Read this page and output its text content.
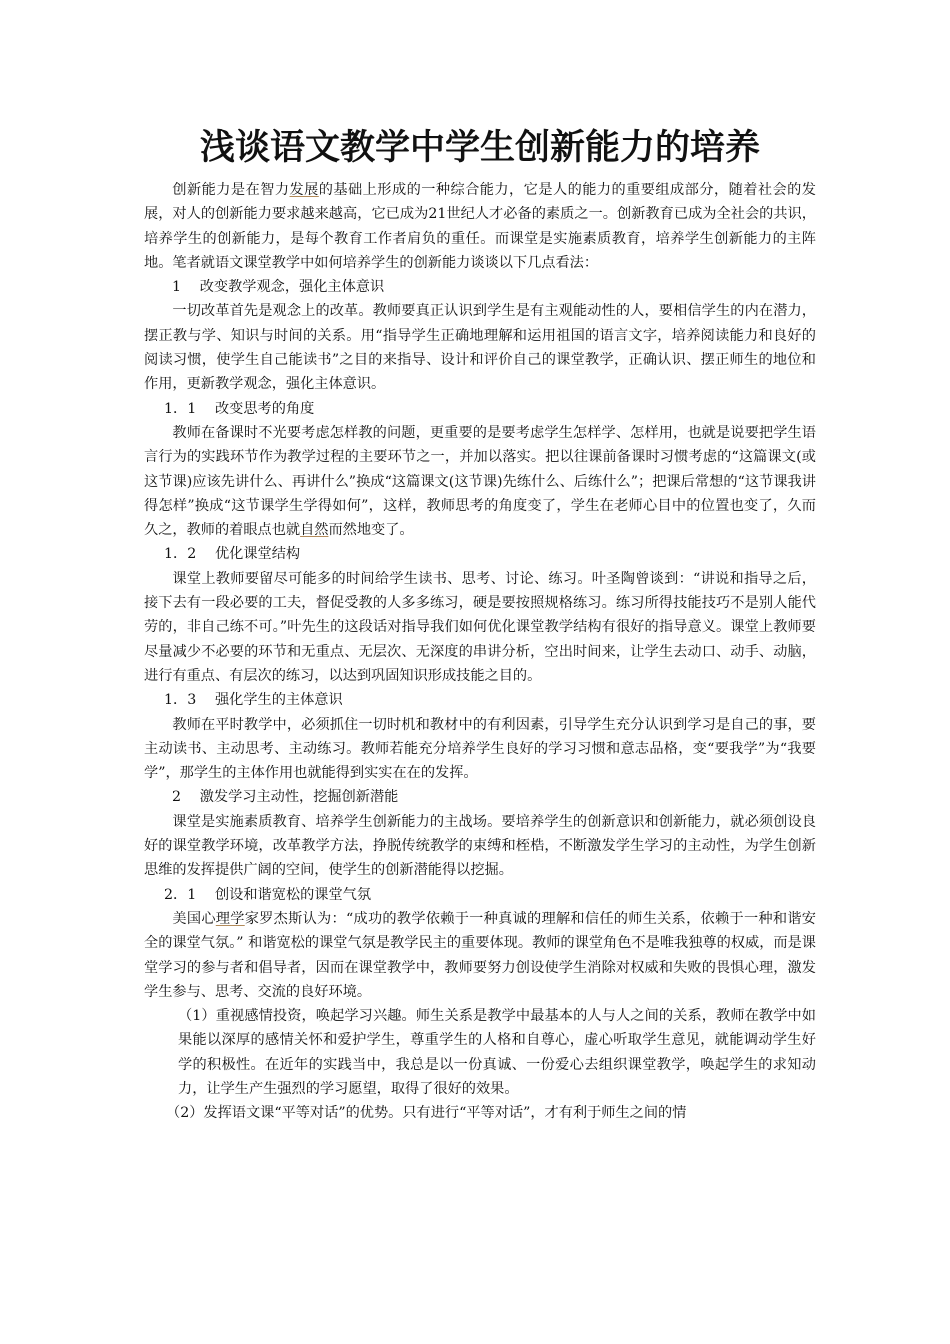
浅谈语文教学中学生创新能力的培养

创新能力是在智力发展的基础上形成的一种综合能力，它是人的能力的重要组成部分，随着社会的发展，对人的创新能力要求越来越高，它已成为21世纪人才必备的素质之一。创新教育已成为全社会的共识，培养学生的创新能力，是每个教育工作者肩负的重任。而课堂是实施素质教育，培养学生创新能力的主阵地。笔者就语文课堂教学中如何培养学生的创新能力谈谈以下几点看法：

1　 改变教学观念，强化主体意识

一切改革首先是观念上的改革。教师要真正认识到学生是有主观能动性的人，要相信学生的内在潜力，摆正教与学、知识与时间的关系。用“指导学生正确地理解和运用祖国的语言文字，培养阅读能力和良好的阅读习惯，使学生自己能读书”之目的来指导、设计和评价自己的课堂教学，正确认识、摆正师生的地位和作用，更新教学观念，强化主体意识。

1．1　 改变思考的角度

教师在备课时不光要考虑怎样教的问题，更重要的是要考虑学生怎样学、怎样用，也就是说要把学生语言行为的实践环节作为教学过程的主要环节之一，并加以落实。把以往课前备课时习惯考虑的“这篇课文(或这节课)应该先讲什么、再讲什么”换成“这篇课文(这节课)先练什么、后练什么”；把课后常想的“这节课我讲得怎样”换成“这节课学生学得如何”，这样，教师思考的角度变了，学生在老师心目中的位置也变了，久而久之，教师的着眼点也就自然而然地变了。

1．2　 优化课堂结构

课堂上教师要留尽可能多的时间给学生读书、思考、讨论、练习。叶圣陶曾谈到：“讲说和指导之后，接下去有一段必要的工夫，督促受教的人多多练习，硬是要按照规格练习。练习所得技能技巧不是别人能代劳的，非自己练不可。”叶先生的这段话对指导我们如何优化课堂教学结构有很好的指导意义。课堂上教师要尽量减少不必要的环节和无重点、无层次、无深度的串讲分析，空出时间来，让学生去动口、动手、动脑，进行有重点、有层次的练习，以达到巩固知识形成技能之目的。

1．3　 强化学生的主体意识

教师在平时教学中，必须抓住一切时机和教材中的有利因素，引导学生充分认识到学习是自己的事，要主动读书、主动思考、主动练习。教师若能充分培养学生良好的学习习惯和意志品格，变“要我学”为“我要学”，那学生的主体作用也就能得到实实在在的发挥。

2　 激发学习主动性，挖掘创新潜能

课堂是实施素质教育、培养学生创新能力的主战场。要培养学生的创新意识和创新能力，就必须创设良好的课堂教学环境，改革教学方法，挣脱传统教学的束缚和桎梏，不断激发学生学习的主动性，为学生创新思维的发挥提供广阔的空间，使学生的创新潜能得以挖掘。

2．1　 创设和谐宽松的课堂气氛

美国心理学家罗杰斯认为：“成功的教学依赖于一种真诚的理解和信任的师生关系，依赖于一种和谐安全的课堂气氛。” 和谐宽松的课堂气氛是教学民主的重要体现。教师的课堂角色不是唯我独尊的权威，而是课堂学习的参与者和倡导者，因而在课堂教学中，教师要努力创设使学生消除对权威和失败的畏惧心理，激发学生参与、思考、交流的良好环境。

（1）重视感情投资，唤起学习兴趣。师生关系是教学中最基本的人与人之间的关系，教师在教学中如果能以深厚的感情关怀和爱护学生，尊重学生的人格和自尊心，虚心听取学生意见，就能调动学生好学的积极性。在近年的实践当中，我总是以一份真诚、一份爱心去组织课堂教学，唤起学生的求知动力，让学生产生强烈的学习愿望，取得了很好的效果。

（2）发挥语文课“平等对话”的优势。只有进行“平等对话”，才有利于师生之间的情
